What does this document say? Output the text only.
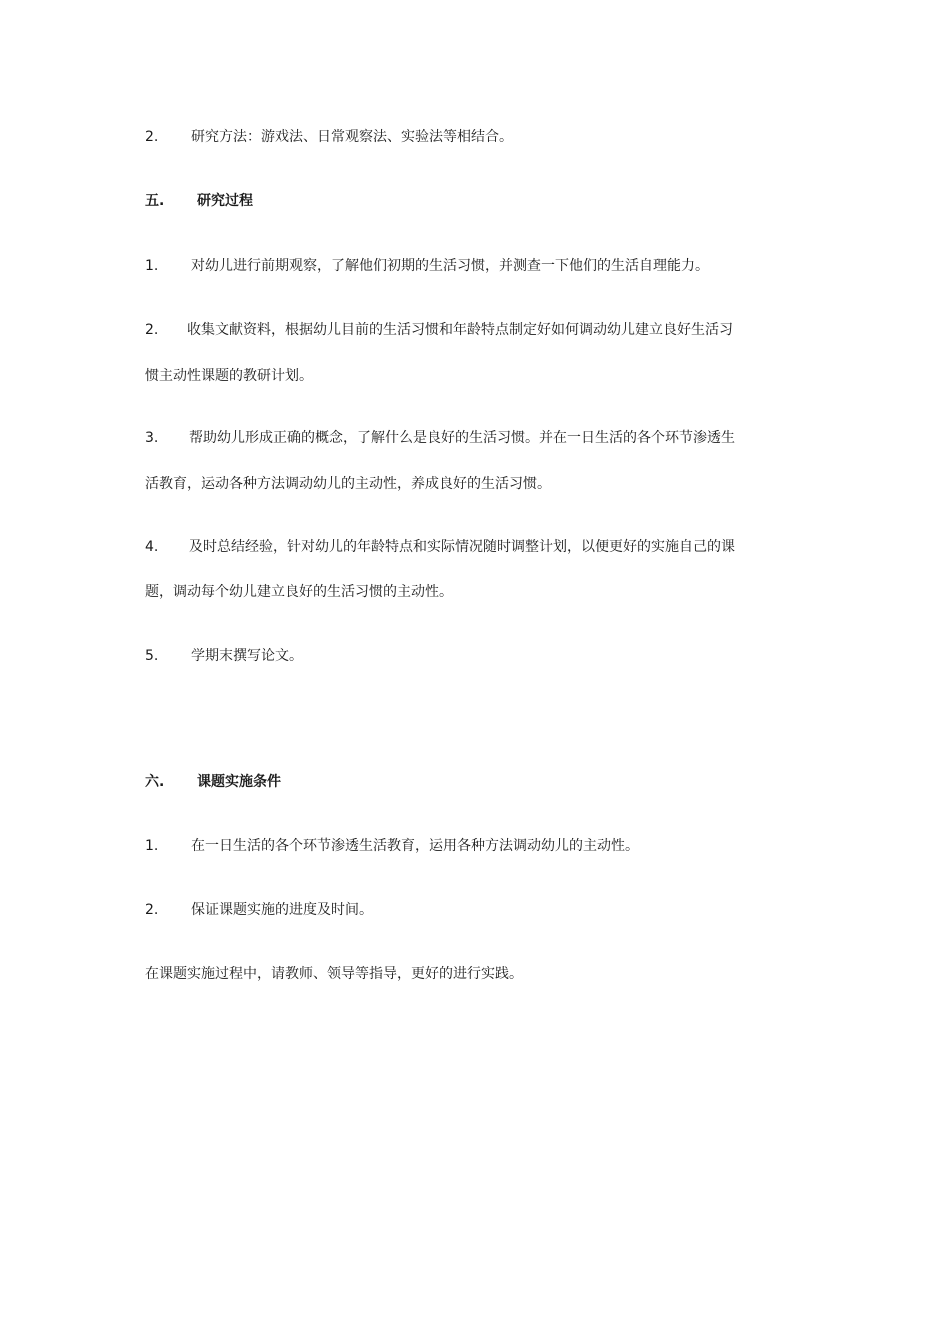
2. 研究方法：游戏法、日常观察法、实验法等相结合。
五. 研究过程
1. 对幼儿进行前期观察，了解他们初期的生活习惯，并测查一下他们的生活自理能力。
2. 收集文献资料，根据幼儿目前的生活习惯和年龄特点制定好如何调动幼儿建立良好生活习
惯主动性课题的教研计划。
3. 帮助幼儿形成正确的概念，了解什么是良好的生活习惯。并在一日生活的各个环节渗透生
活教育，运动各种方法调动幼儿的主动性，养成良好的生活习惯。
4. 及时总结经验，针对幼儿的年龄特点和实际情况随时调整计划，以便更好的实施自己的课
题，调动每个幼儿建立良好的生活习惯的主动性。
5. 学期末撰写论文。
六. 课题实施条件
1. 在一日生活的各个环节渗透生活教育，运用各种方法调动幼儿的主动性。
2. 保证课题实施的进度及时间。
在课题实施过程中，请教师、领导等指导，更好的进行实践。
